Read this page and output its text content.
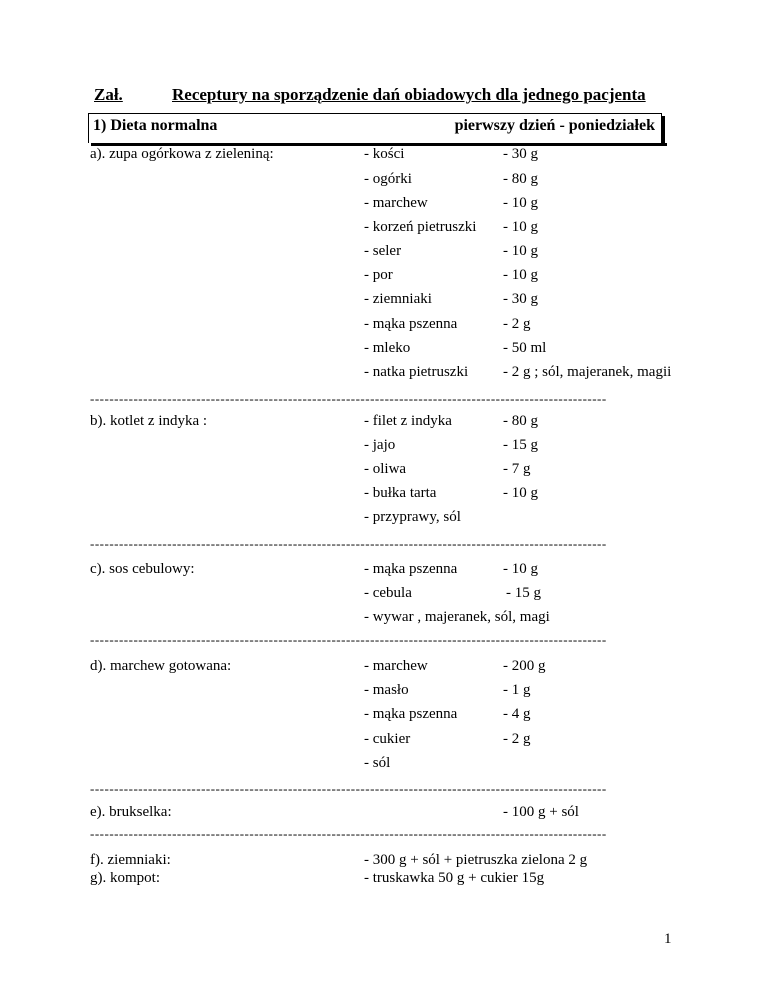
Zał.	Receptury na sporządzenie dań obiadowych dla jednego pacjenta
1) Dieta normalna	pierwszy dzień - poniedziałek
a). zupa ogórkowa z zieleniną:	- kości	- 30 g
- ogórki	- 80 g
- marchew	- 10 g
- korzeń pietruszki - 10 g
- seler	- 10 g
- por	- 10 g
- ziemniaki	- 30 g
- mąka pszenna	- 2 g
- mleko	- 50 ml
- natka pietruszki - 2 g ; sól, majeranek, magii
-----------------------------------------------------------------------------------------------------------
b). kotlet z indyka :	- filet z indyka	- 80 g
- jajo	- 15 g
- oliwa	- 7 g
- bułka tarta	- 10 g
- przyprawy, sól
-----------------------------------------------------------------------------------------------------------
c). sos cebulowy:	- mąka pszenna	- 10 g
- cebula	- 15 g
- wywar , majeranek, sól, magi
-----------------------------------------------------------------------------------------------------------
d). marchew gotowana:	- marchew	- 200 g
- masło	- 1 g
- mąka pszenna	- 4 g
- cukier	- 2 g
- sól
-----------------------------------------------------------------------------------------------------------
e). brukselka:	- 100 g + sól
-----------------------------------------------------------------------------------------------------------
f). ziemniaki:	- 300 g + sól + pietruszka zielona 2 g
g). kompot:	- truskawka 50 g + cukier 15g
1
